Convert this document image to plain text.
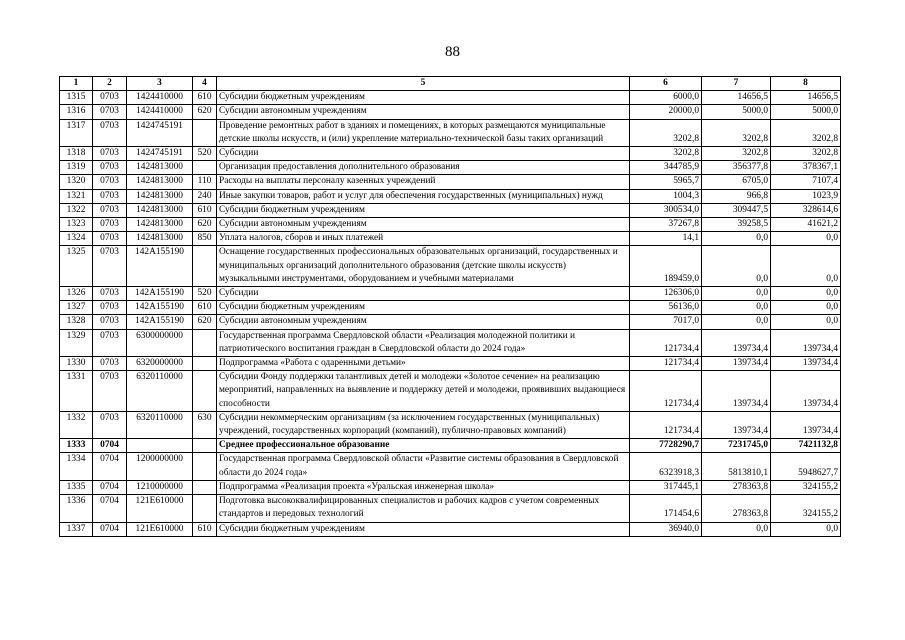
88
1	2	3	4	5	6	7	8
1315	0703	1424410000	610	Субсидии бюджетным учреждениям	6000,0	14656,5	14656,5
1316	0703	1424410000	620	Субсидии автономным учреждениям	20000,0	5000,0	5000,0
1317	0703	1424745191		Проведение ремонтных работ в зданиях и помещениях, в которых размещаются муниципальные детские школы искусств, и (или) укрепление материально-технической базы таких организаций	3202,8	3202,8	3202,8
1318	0703	1424745191	520	Субсидии	3202,8	3202,8	3202,8
1319	0703	1424813000		Организация предоставления дополнительного образования	344785,9	356377,8	378367,1
1320	0703	1424813000	110	Расходы на выплаты персоналу казенных учреждений	5965,7	6705,0	7107,4
1321	0703	1424813000	240	Иные закупки товаров, работ и услуг для обеспечения государственных (муниципальных) нужд	1004,3	966,8	1023,9
1322	0703	1424813000	610	Субсидии бюджетным учреждениям	300534,0	309447,5	328614,6
1323	0703	1424813000	620	Субсидии автономным учреждениям	37267,8	39258,5	41621,2
1324	0703	1424813000	850	Уплата налогов, сборов и иных платежей	14,1	0,0	0,0
1325	0703	142A155190		Оснащение государственных профессиональных образовательных организаций, государственных и муниципальных организаций дополнительного образования (детские школы искусств) музыкальными инструментами, оборудованием и учебными материалами	189459,0	0,0	0,0
1326	0703	142A155190	520	Субсидии	126306,0	0,0	0,0
1327	0703	142A155190	610	Субсидии бюджетным учреждениям	56136,0	0,0	0,0
1328	0703	142A155190	620	Субсидии автономным учреждениям	7017,0	0,0	0,0
1329	0703	6300000000		Государственная программа Свердловской области «Реализация молодежной политики и патриотического воспитания граждан в Свердловской области до 2024 года»	121734,4	139734,4	139734,4
1330	0703	6320000000		Подпрограмма «Работа с одаренными детьми»	121734,4	139734,4	139734,4
1331	0703	6320110000		Субсидии Фонду поддержки талантливых детей и молодежи «Золотое сечение» на реализацию мероприятий, направленных на выявление и поддержку детей и молодежи, проявивших выдающиеся способности	121734,4	139734,4	139734,4
1332	0703	6320110000	630	Субсидии некоммерческим организациям (за исключением государственных (муниципальных) учреждений, государственных корпораций (компаний), публично-правовых компаний)	121734,4	139734,4	139734,4
1333	0704			Среднее профессиональное образование	7728290,7	7231745,0	7421132,8
1334	0704	1200000000		Государственная программа Свердловской области «Развитие системы образования в Свердловской области до 2024 года»	6323918,3	5813810,1	5948627,7
1335	0704	1210000000		Подпрограмма «Реализация проекта «Уральская инженерная школа»	317445,1	278363,8	324155,2
1336	0704	121E610000		Подготовка высококвалифицированных специалистов и рабочих кадров с учетом современных стандартов и передовых технологий	171454,6	278363,8	324155,2
1337	0704	121E610000	610	Субсидии бюджетным учреждениям	36940,0	0,0	0,0
